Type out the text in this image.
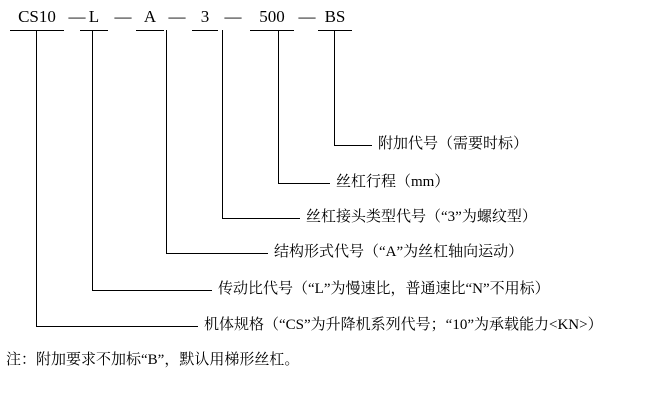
CS10 — L — A — 3 —	500 — BS
附加代号（需要时标）
丝杠行程（mm）
丝杠接头类型代号（“3”为螺纹型）
结构形式代号（“A”为丝杠轴向运动）
传动比代号（“L”为慢速比，普通速比“N”不用标）
机体规格（“CS”为升降机系列代号；“10”为承载能力<KN>）
注：附加要求不加标“B”，默认用梯形丝杠。
